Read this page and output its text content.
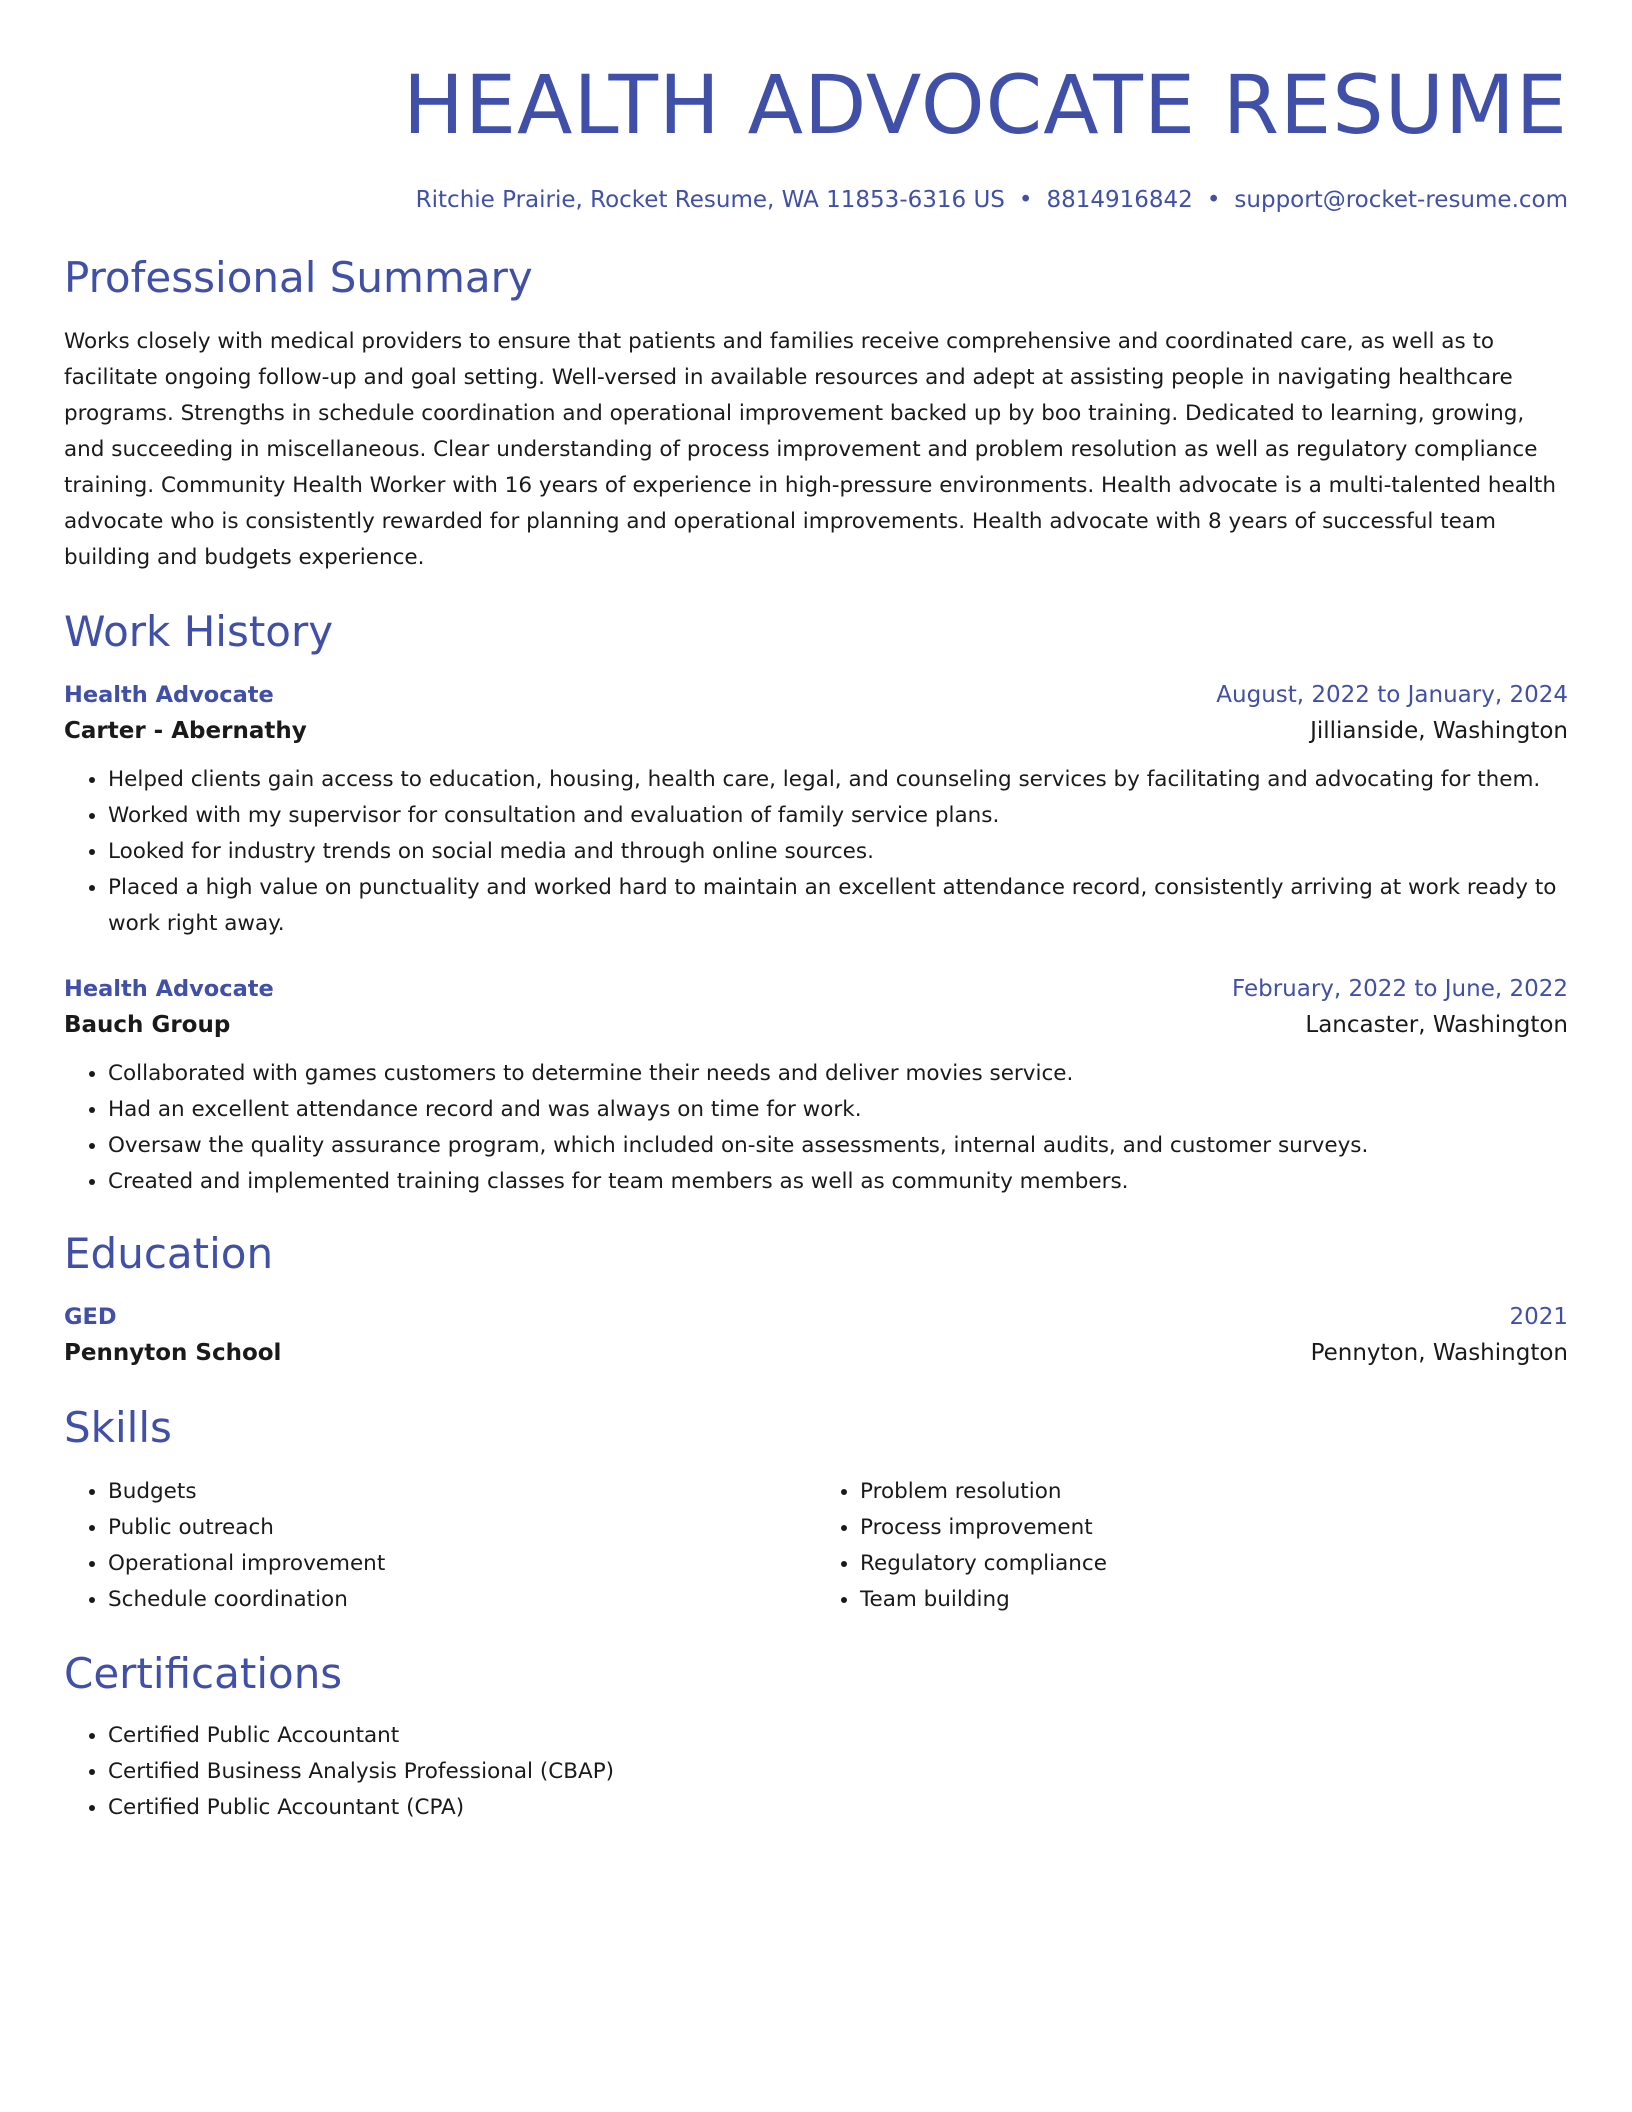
HEALTH ADVOCATE RESUME
Ritchie Prairie, Rocket Resume, WA 11853-6316 US • 8814916842 • support@rocket-resume.com
Professional Summary
Works closely with medical providers to ensure that patients and families receive comprehensive and coordinated care, as well as to facilitate ongoing follow-up and goal setting. Well-versed in available resources and adept at assisting people in navigating healthcare programs. Strengths in schedule coordination and operational improvement backed up by boo training. Dedicated to learning, growing, and succeeding in miscellaneous. Clear understanding of process improvement and problem resolution as well as regulatory compliance training. Community Health Worker with 16 years of experience in high-pressure environments. Health advocate is a multi-talented health advocate who is consistently rewarded for planning and operational improvements. Health advocate with 8 years of successful team building and budgets experience.
Work History
Health Advocate	August, 2022 to January, 2024
Carter - Abernathy	Jillianside, Washington
• Helped clients gain access to education, housing, health care, legal, and counseling services by facilitating and advocating for them.
• Worked with my supervisor for consultation and evaluation of family service plans.
• Looked for industry trends on social media and through online sources.
• Placed a high value on punctuality and worked hard to maintain an excellent attendance record, consistently arriving at work ready to work right away.
Health Advocate	February, 2022 to June, 2022
Bauch Group	Lancaster, Washington
• Collaborated with games customers to determine their needs and deliver movies service.
• Had an excellent attendance record and was always on time for work.
• Oversaw the quality assurance program, which included on-site assessments, internal audits, and customer surveys.
• Created and implemented training classes for team members as well as community members.
Education
GED	2021
Pennyton School	Pennyton, Washington
Skills
• Budgets
• Public outreach
• Operational improvement
• Schedule coordination
• Problem resolution
• Process improvement
• Regulatory compliance
• Team building
Certifications
• Certified Public Accountant
• Certified Business Analysis Professional (CBAP)
• Certified Public Accountant (CPA)
